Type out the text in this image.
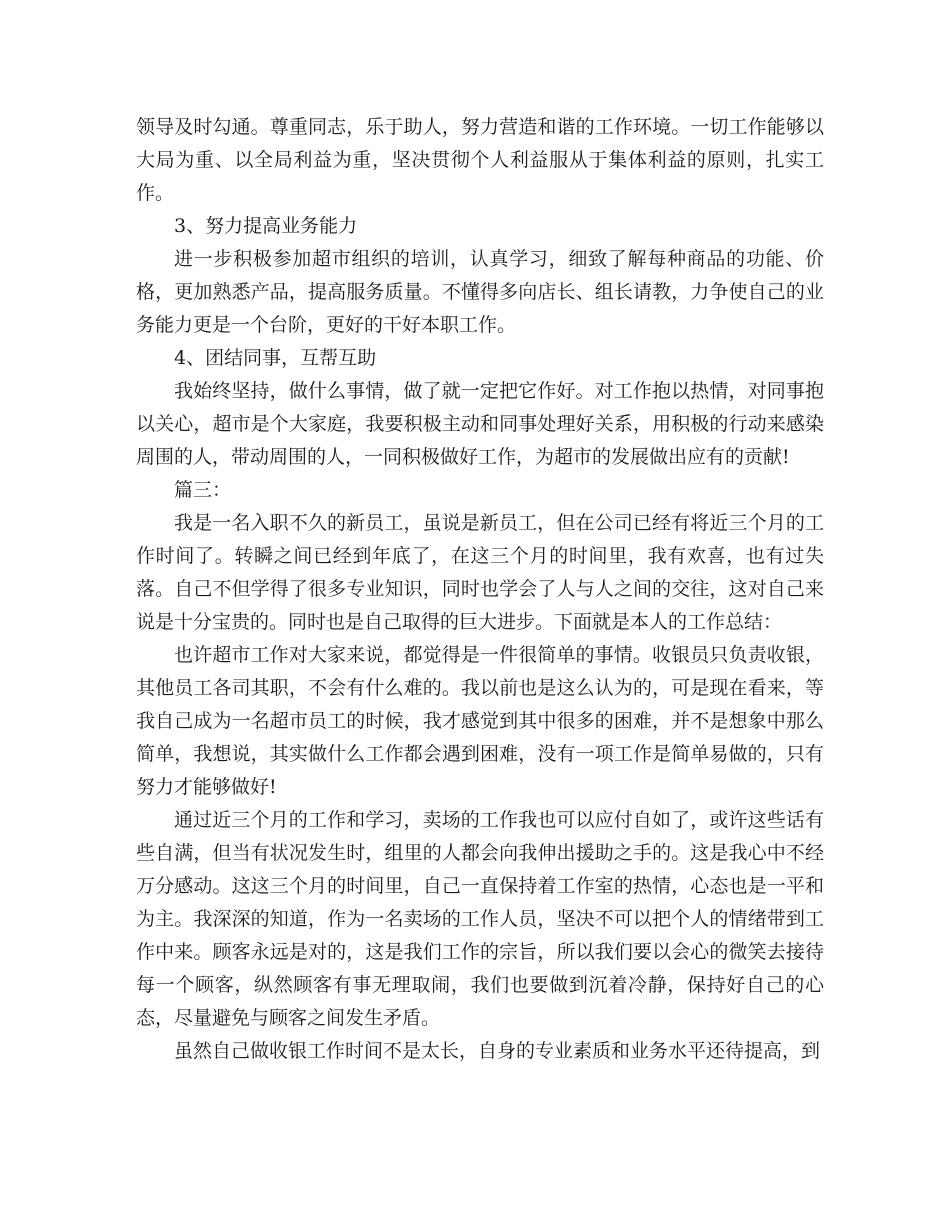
领导及时勾通。尊重同志，乐于助人，努力营造和谐的工作环境。一切工作能够以大局为重、以全局利益为重，坚决贯彻个人利益服从于集体利益的原则，扎实工作。

3、努力提高业务能力

进一步积极参加超市组织的培训，认真学习，细致了解每种商品的功能、价格，更加熟悉产品，提高服务质量。不懂得多向店长、组长请教，力争使自己的业务能力更是一个台阶，更好的干好本职工作。

4、团结同事，互帮互助

我始终坚持，做什么事情，做了就一定把它作好。对工作抱以热情，对同事抱以关心，超市是个大家庭，我要积极主动和同事处理好关系，用积极的行动来感染周围的人，带动周围的人，一同积极做好工作，为超市的发展做出应有的贡献!

篇三：

我是一名入职不久的新员工，虽说是新员工，但在公司已经有将近三个月的工作时间了。转瞬之间已经到年底了，在这三个月的时间里，我有欢喜，也有过失落。自己不但学得了很多专业知识，同时也学会了人与人之间的交往，这对自己来说是十分宝贵的。同时也是自己取得的巨大进步。下面就是本人的工作总结：

也许超市工作对大家来说，都觉得是一件很简单的事情。收银员只负责收银，其他员工各司其职，不会有什么难的。我以前也是这么认为的，可是现在看来，等我自己成为一名超市员工的时候，我才感觉到其中很多的困难，并不是想象中那么简单，我想说，其实做什么工作都会遇到困难，没有一项工作是简单易做的，只有努力才能够做好!

通过近三个月的工作和学习，卖场的工作我也可以应付自如了，或许这些话有些自满，但当有状况发生时，组里的人都会向我伸出援助之手的。这是我心中不经万分感动。这这三个月的时间里，自己一直保持着工作室的热情，心态也是一平和为主。我深深的知道，作为一名卖场的工作人员，坚决不可以把个人的情绪带到工作中来。顾客永远是对的，这是我们工作的宗旨，所以我们要以会心的微笑去接待每一个顾客，纵然顾客有事无理取闹，我们也要做到沉着冷静，保持好自己的心态，尽量避免与顾客之间发生矛盾。

虽然自己做收银工作时间不是太长，自身的专业素质和业务水平还待提高，到
